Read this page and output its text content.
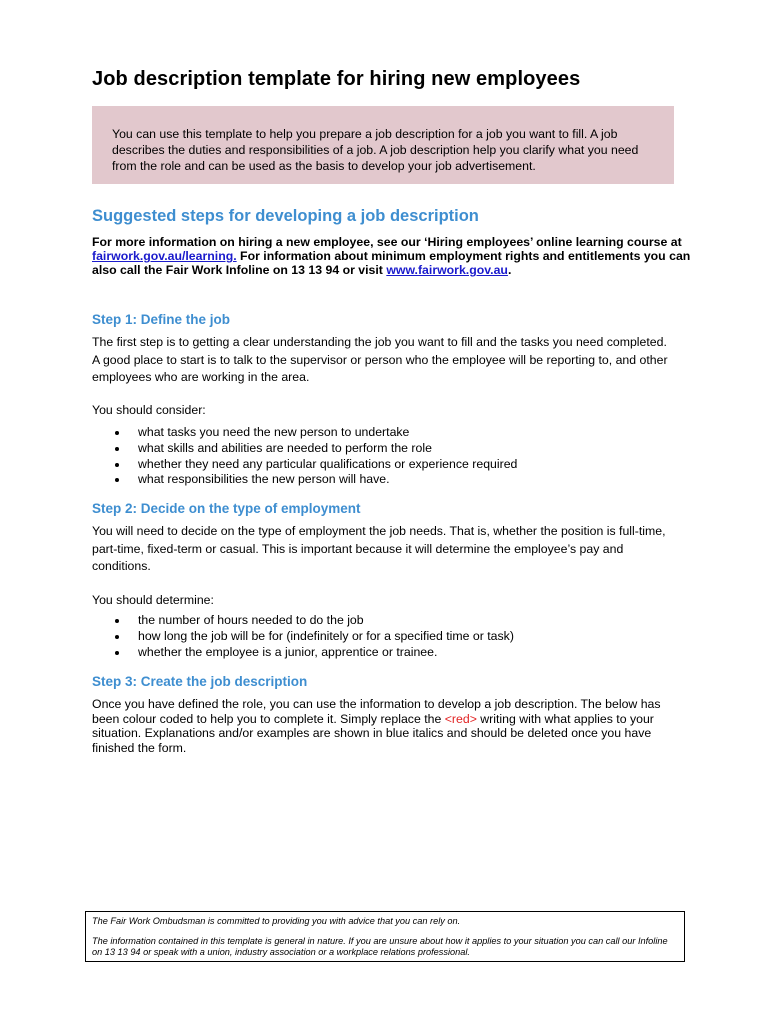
Job description template for hiring new employees
You can use this template to help you prepare a job description for a job you want to fill. A job describes the duties and responsibilities of a job. A job description help you clarify what you need from the role and can be used as the basis to develop your job advertisement.
Suggested steps for developing a job description
For more information on hiring a new employee, see our ‘Hiring employees’ online learning course at fairwork.gov.au/learning. For information about minimum employment rights and entitlements you can also call the Fair Work Infoline on 13 13 94 or visit www.fairwork.gov.au.
Step 1: Define the job
The first step is to getting a clear understanding the job you want to fill and the tasks you need completed. A good place to start is to talk to the supervisor or person who the employee will be reporting to, and other employees who are working in the area.
You should consider:
what tasks you need the new person to undertake
what skills and abilities are needed to perform the role
whether they need any particular qualifications or experience required
what responsibilities the new person will have.
Step 2: Decide on the type of employment
You will need to decide on the type of employment the job needs. That is, whether the position is full-time, part-time, fixed-term or casual. This is important because it will determine the employee’s pay and conditions.
You should determine:
the number of hours needed to do the job
how long the job will be for (indefinitely or for a specified time or task)
whether the employee is a junior, apprentice or trainee.
Step 3: Create the job description
Once you have defined the role, you can use the information to develop a job description. The below has been colour coded to help you to complete it. Simply replace the <red> writing with what applies to your situation. Explanations and/or examples are shown in blue italics and should be deleted once you have finished the form.

The Fair Work Ombudsman is committed to providing you with advice that you can rely on.

The information contained in this template is general in nature. If you are unsure about how it applies to your situation you can call our Infoline on 13 13 94 or speak with a union, industry association or a workplace relations professional.
